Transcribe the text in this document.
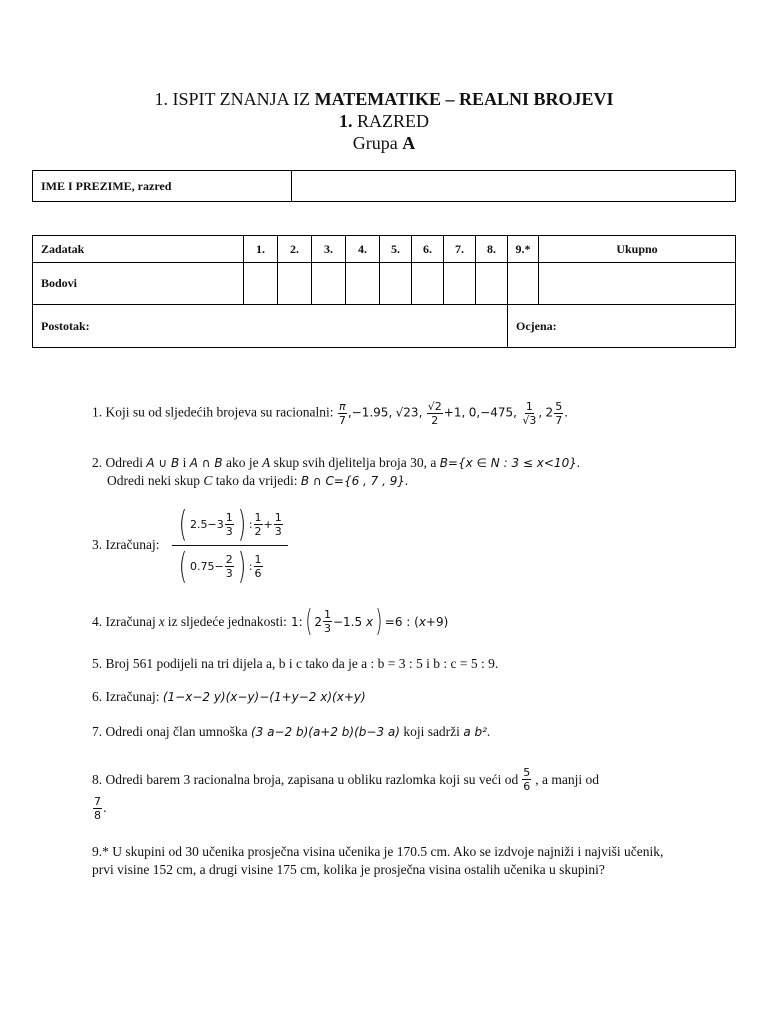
1. ISPIT ZNANJA IZ MATEMATIKE – REALNI BROJEVI
1. RAZRED
Grupa A
IME I PREZIME, razred	
Zadatak	1.	2.	3.	4.	5.	6.	7.	8.	9.*	Ukupno
Bodovi										
Postotak:									Ocjena:	
1. Koji su od sljedećih brojeva su racionalni: $\frac{\pi}{7} ,-1.95$, √23, $\frac{√2}{2} +1$, 0,−475, $\frac{1}{√3}$ , $2 \frac{5}{7}$ .
2. Odredi A ∪ B i A ∩ B ako je A skup svih djelitelja broja 30, a B={x ∈ N : 3 ≤ x<10}.
Odredi neki skup C tako da vrijedi: B ∩ C={6 , 7 , 9}.
3. Izračunaj: ( $2.5-3 \frac{1}{3}$ ) : $\frac{1}{2} + \frac{1}{3}$
( $0.75- \frac{2}{3}$ ) : $\frac{1}{6}$
4. Izračunaj x iz sljedeće jednakosti: 1: ( $2 \frac{1}{3} -1.5$ x ) =6 : (x+9)
5. Broj 561 podijeli na tri dijela a, b i c tako da je a : b = 3 : 5 i b : c = 5 : 9.
6. Izračunaj: (1−x−2 y)(x−y)−(1+y−2 x)(x+y)
7. Odredi onaj član umnoška (3 a−2 b)(a+2 b)(b−3 a) koji sadrži a b².
8. Odredi barem 3 racionalna broja, zapisana u obliku razlomka koji su veći od $\frac{5}{6}$ , a manji od
$\frac{7}{8}$ .
9.* U skupini od 30 učenika prosječna visina učenika je 170.5 cm. Ako se izdvoje najniži i najviši učenik, prvi visine 152 cm, a drugi visine 175 cm, kolika je prosječna visina ostalih učenika u skupini?
